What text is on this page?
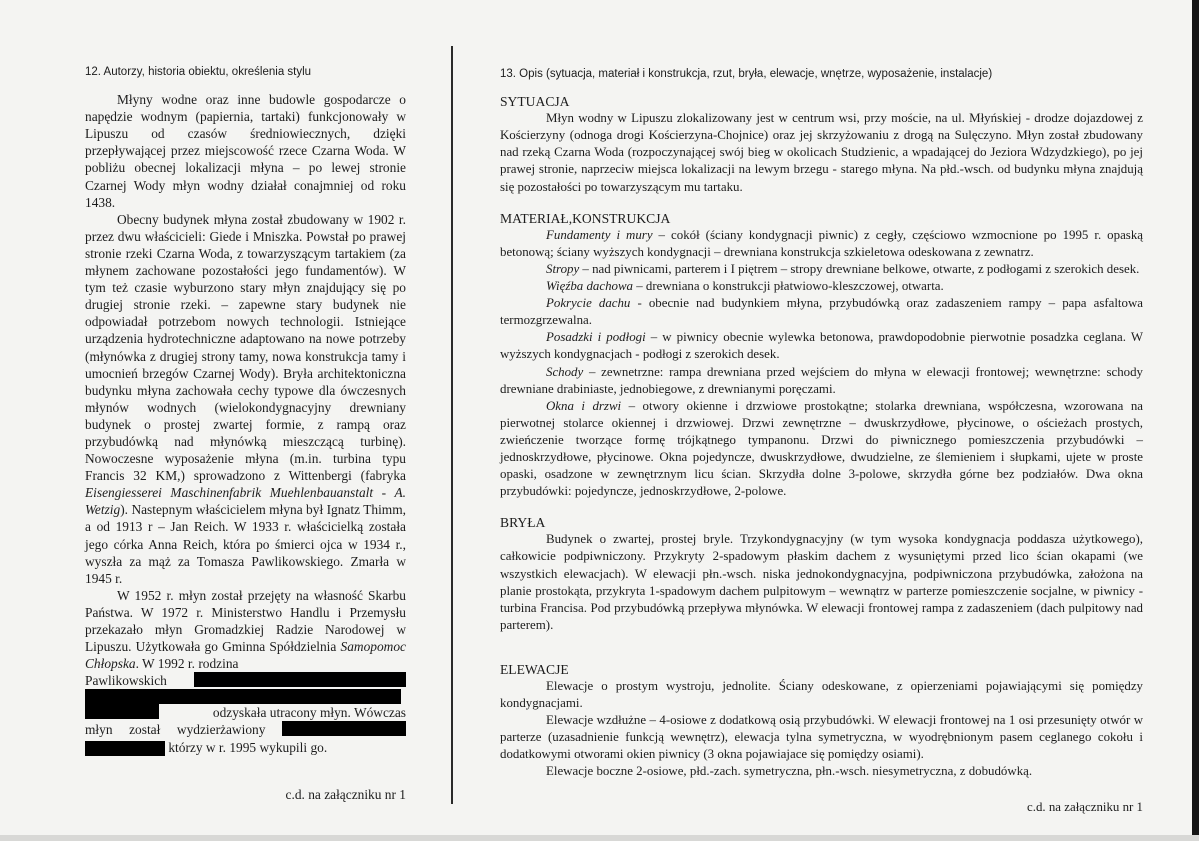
12. Autorzy, historia obiektu, określenia stylu

Młyny wodne oraz inne budowle gospodarcze o napędzie wodnym (papiernia, tartaki) funkcjonowały w Lipuszu od czasów średniowiecznych, dzięki przepływającej przez miejscowość rzece Czarna Woda. W pobliżu obecnej lokalizacji młyna – po lewej stronie Czarnej Wody młyn wodny działał conajmniej od roku 1438.

Obecny budynek młyna został zbudowany w 1902 r. przez dwu właścicieli: Giede i Mniszka. Powstał po prawej stronie rzeki Czarna Woda, z towarzyszącym tartakiem (za młynem zachowane pozostałości jego fundamentów). W tym też czasie wyburzono stary młyn znajdujący się po drugiej stronie rzeki. – zapewne stary budynek nie odpowiadał potrzebom nowych technologii. Istniejące urządzenia hydrotechniczne adaptowano na nowe potrzeby (młynówka z drugiej strony tamy, nowa konstrukcja tamy i umocnień brzegów Czarnej Wody). Bryła architektoniczna budynku młyna zachowała cechy typowe dla ówczesnych młynów wodnych (wielokondygnacyjny drewniany budynek o prostej zwartej formie, z rampą oraz przybudówką nad młynówką mieszczącą turbinę). Nowoczesne wyposażenie młyna (m.in. turbina typu Francis 32 KM,) sprowadzono z Wittenbergi (fabryka Eisengiesserei Maschinenfabrik Muehlenbauanstalt - A. Wetzig). Nastepnym właścicielem młyna był Ignatz Thimm, a od 1913 r – Jan Reich. W 1933 r. właścicielką została jego córka Anna Reich, która po śmierci ojca w 1934 r., wyszła za mąż za Tomasza Pawlikowskiego. Zmarła w 1945 r.

W 1952 r. młyn został przejęty na własność Skarbu Państwa. W 1972 r. Ministerstwo Handlu i Przemysłu przekazało młyn Gromadzkiej Radzie Narodowej w Lipuszu. Użytkowała go Gminna Spółdzielnia Samopomoc Chłopska. W 1992 r. rodzina

Pawlikowskich
odzyskała utracony młyn. Wówczas
młyn został wydzierżawiony
którzy w r. 1995 wykupili go.
c.d. na załączniku nr 1
13. Opis (sytuacja, materiał i konstrukcja, rzut, bryła, elewacje, wnętrze, wyposażenie, instalacje)
SYTUACJA

Młyn wodny w Lipuszu zlokalizowany jest w centrum wsi, przy moście, na ul. Młyńskiej - drodze dojazdowej z Kościerzyny (odnoga drogi Kościerzyna-Chojnice) oraz jej skrzyżowaniu z drogą na Sulęczyno. Młyn został zbudowany nad rzeką Czarna Woda (rozpoczynającej swój bieg w okolicach Studzienic, a wpadającej do Jeziora Wdzydzkiego), po jej prawej stronie, naprzeciw miejsca lokalizacji na lewym brzegu - starego młyna. Na płd.-wsch. od budynku młyna znajdują się pozostałości po towarzyszącym mu tartaku.

MATERIAŁ,KONSTRUKCJA

Fundamenty i mury – cokół (ściany kondygnacji piwnic) z cegły, częściowo wzmocnione po 1995 r. opaską betonową; ściany wyższych kondygnacji – drewniana konstrukcja szkieletowa odeskowana z zewnatrz.

Stropy – nad piwnicami, parterem i I piętrem – stropy drewniane belkowe, otwarte, z podłogami z szerokich desek.

Więźba dachowa – drewniana o konstrukcji płatwiowo-kleszczowej, otwarta.

Pokrycie dachu - obecnie nad budynkiem młyna, przybudówką oraz zadaszeniem rampy – papa asfaltowa termozgrzewalna.

Posadzki i podłogi – w piwnicy obecnie wylewka betonowa, prawdopodobnie pierwotnie posadzka ceglana. W wyższych kondygnacjach - podłogi z szerokich desek.

Schody – zewnetrzne: rampa drewniana przed wejściem do młyna w elewacji frontowej; wewnętrzne: schody drewniane drabiniaste, jednobiegowe, z drewnianymi poręczami.

Okna i drzwi – otwory okienne i drzwiowe prostokątne; stolarka drewniana, współczesna, wzorowana na pierwotnej stolarce okiennej i drzwiowej. Drzwi zewnętrzne – dwuskrzydłowe, płycinowe, o ościeżach prostych, zwieńczenie tworzące formę trójkątnego tympanonu. Drzwi do piwnicznego pomieszczenia przybudówki – jednoskrzydłowe, płycinowe. Okna pojedyncze, dwuskrzydłowe, dwudzielne, ze ślemieniem i słupkami, ujete w proste opaski, osadzone w zewnętrznym licu ścian. Skrzydła dolne 3-polowe, skrzydła górne bez podziałów. Dwa okna przybudówki: pojedyncze, jednoskrzydłowe, 2-polowe.

BRYŁA

Budynek o zwartej, prostej bryle. Trzykondygnacyjny (w tym wysoka kondygnacja poddasza użytkowego), całkowicie podpiwniczony. Przykryty 2-spadowym płaskim dachem z wysuniętymi przed lico ścian okapami (we wszystkich elewacjach). W elewacji płn.-wsch. niska jednokondygnacyjna, podpiwniczona przybudówka, założona na planie prostokąta, przykryta 1-spadowym dachem pulpitowym – wewnątrz w parterze pomieszczenie socjalne, w piwnicy - turbina Francisa. Pod przybudówką przepływa młynówka. W elewacji frontowej rampa z zadaszeniem (dach pulpitowy nad parterem).

ELEWACJE

Elewacje o prostym wystroju, jednolite. Ściany odeskowane, z opierzeniami pojawiającymi się pomiędzy kondygnacjami.

Elewacje wzdłużne – 4-osiowe z dodatkową osią przybudówki. W elewacji frontowej na 1 osi przesunięty otwór w parterze (uzasadnienie funkcją wewnętrz), elewacja tylna symetryczna, w wyodrębnionym pasem ceglanego cokołu i dodatkowymi otworami okien piwnicy (3 okna pojawiajace się pomiędzy osiami).

Elewacje boczne 2-osiowe, płd.-zach. symetryczna, płn.-wsch. niesymetryczna, z dobudówką.

c.d. na załączniku nr 1
